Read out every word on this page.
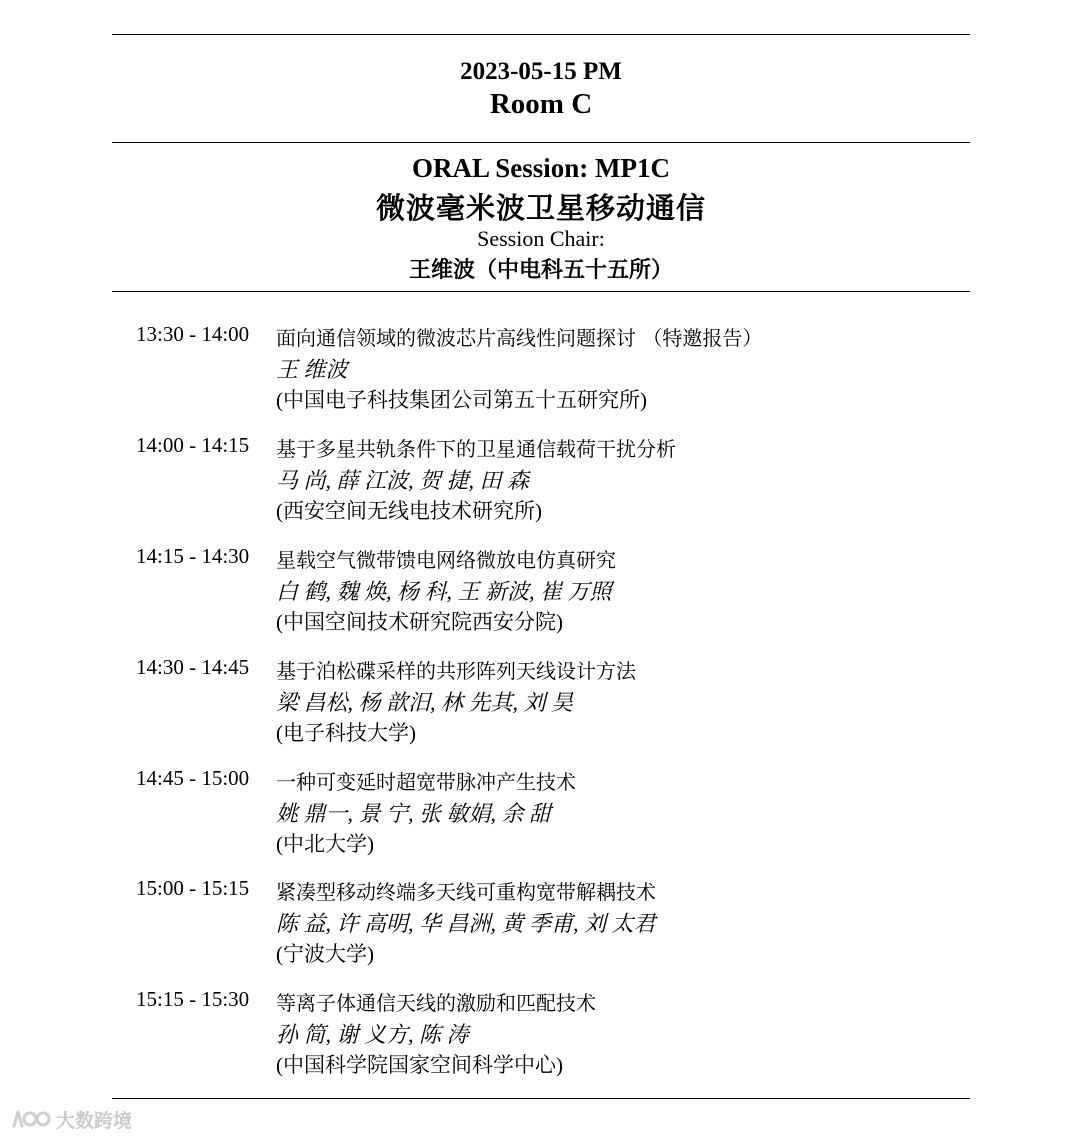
2023-05-15 PM
Room C
ORAL Session: MP1C
微波毫米波卫星移动通信
Session Chair:
王维波（中电科五十五所）
13:30 - 14:00 面向通信领域的微波芯片高线性问题探讨 （特邀报告）
王 维波
(中国电子科技集团公司第五十五研究所)
14:00 - 14:15 基于多星共轨条件下的卫星通信载荷干扰分析
马 尚, 薛 江波, 贺 捷, 田 森
(西安空间无线电技术研究所)
14:15 - 14:30 星载空气微带馈电网络微放电仿真研究
白 鹤, 魏 焕, 杨 科, 王 新波, 崔 万照
(中国空间技术研究院西安分院)
14:30 - 14:45 基于泊松碟采样的共形阵列天线设计方法
梁 昌松, 杨 歆汨, 林 先其, 刘 昊
(电子科技大学)
14:45 - 15:00 一种可变延时超宽带脉冲产生技术
姚 鼎一, 景 宁, 张 敏娟, 余 甜
(中北大学)
15:00 - 15:15 紧凑型移动终端多天线可重构宽带解耦技术
陈 益, 许 高明, 华 昌洲, 黄 季甫, 刘 太君
(宁波大学)
15:15 - 15:30 等离子体通信天线的激励和匹配技术
孙 简, 谢 义方, 陈 涛
(中国科学院国家空间科学中心)
大数跨境
